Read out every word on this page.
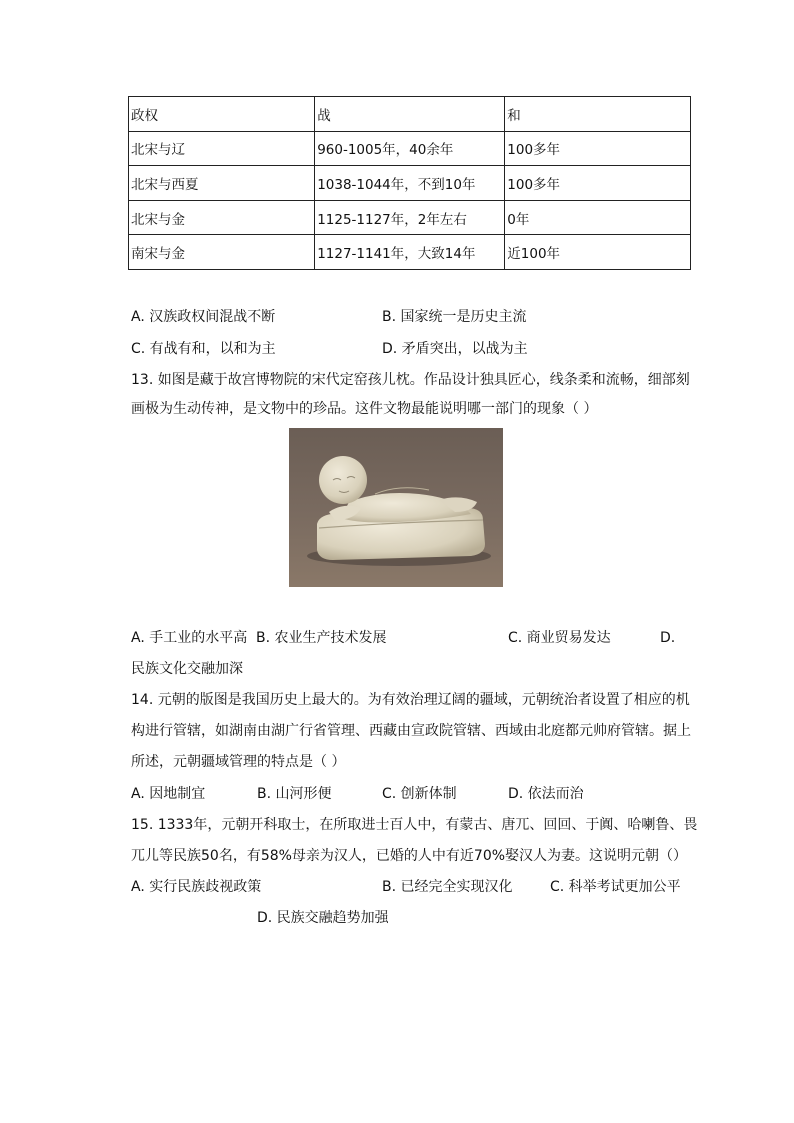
政权	战	和
北宋与辽	960-1005年，40余年	100多年
北宋与西夏	1038-1044年，不到10年	100多年
北宋与金	1125-1127年，2年左右	0年
南宋与金	1127-1141年，大致14年	近100年
A. 汉族政权间混战不断	B. 国家统一是历史主流
C. 有战有和，以和为主	D. 矛盾突出，以战为主
13. 如图是藏于故宫博物院的宋代定窑孩儿枕。作品设计独具匠心，线条柔和流畅，细部刻
画极为生动传神，是文物中的珍品。这件文物最能说明哪一部门的现象（ ）
A. 手工业的水平高 B. 农业生产技术发展	C. 商业贸易发达	D.
民族文化交融加深
14. 元朝的版图是我国历史上最大的。为有效治理辽阔的疆域，元朝统治者设置了相应的机
构进行管辖，如湖南由湖广行省管理、西藏由宣政院管辖、西域由北庭都元帅府管辖。据上
所述，元朝疆域管理的特点是（ ）
A. 因地制宜	B. 山河形便	C. 创新体制	D. 依法而治
15. 1333年，元朝开科取士，在所取进士百人中，有蒙古、唐兀、回回、于阗、哈喇鲁、畏
兀儿等民族50名，有58%母亲为汉人，已婚的人中有近70%娶汉人为妻。这说明元朝（）
A. 实行民族歧视政策	B. 已经完全实现汉化	C. 科举考试更加公平
D. 民族交融趋势加强
